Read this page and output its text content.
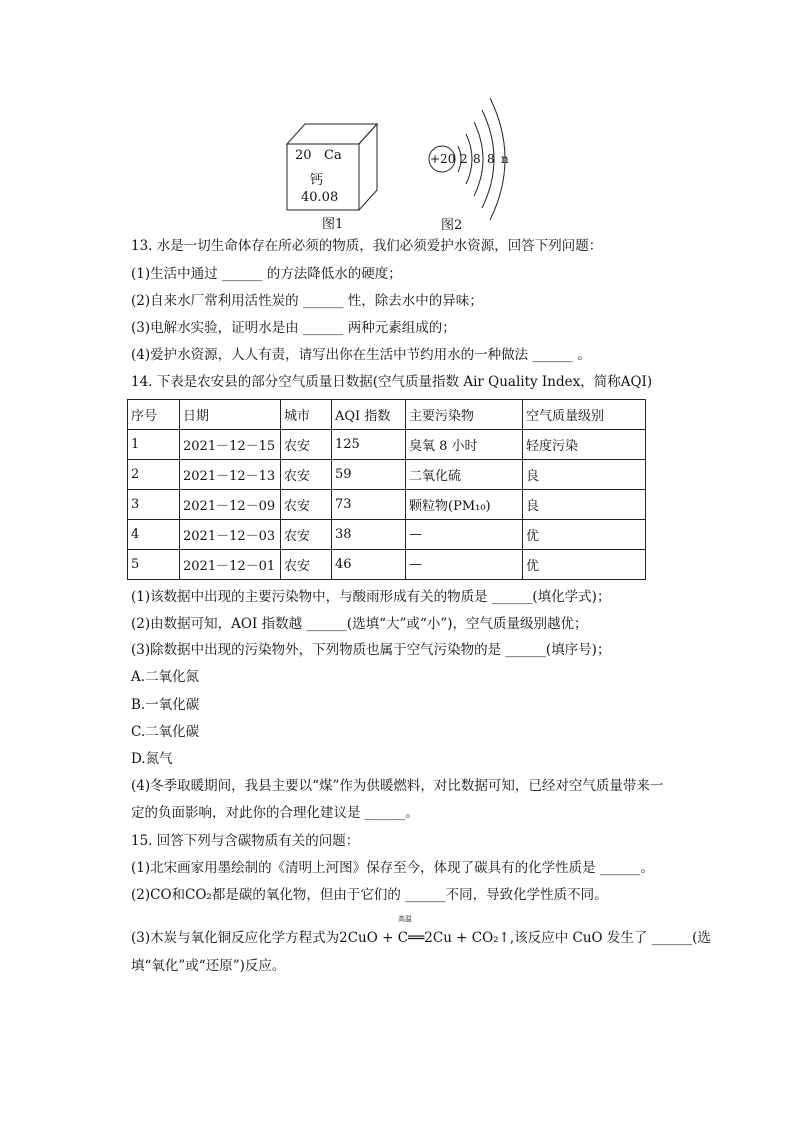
20 Ca
钙
40.08
图1
+20 2 8 8 n
图2
13. 水是一切生命体存在所必须的物质，我们必须爱护水资源，回答下列问题：
(1)生活中通过 ______ 的方法降低水的硬度；
(2)自来水厂常利用活性炭的 ______ 性，除去水中的异味；
(3)电解水实验，证明水是由 ______ 两种元素组成的；
(4)爱护水资源，人人有责，请写出你在生活中节约用水的一种做法 ______ 。
14. 下表是农安县的部分空气质量日数据(空气质量指数 Air Quality Index，简称AQI)
序号	日期	城市	AQI 指数	主要污染物	空气质量级别
1	2021－12－15	农安	125	臭氧 8 小时	轻度污染
2	2021－12－13	农安	59	二氧化硫	良
3	2021－12－09	农安	73	颗粒物(PM₁₀)	良
4	2021－12－03	农安	38	—	优
5	2021－12－01	农安	46	—	优
(1)该数据中出现的主要污染物中，与酸雨形成有关的物质是 ______(填化学式)；
(2)由数据可知，AOI 指数越 ______(选填“大”或“小”)，空气质量级别越优；
(3)除数据中出现的污染物外，下列物质也属于空气污染物的是 ______(填序号)；
A.二氧化氮
B.一氧化碳
C.二氧化碳
D.氮气
(4)冬季取暖期间，我县主要以“煤”作为供暖燃料，对比数据可知，已经对空气质量带来一
定的负面影响，对此你的合理化建议是 ______。
15. 回答下列与含碳物质有关的问题：
(1)北宋画家用墨绘制的《清明上河图》保存至今，体现了碳具有的化学性质是 ______。
(2)CO和CO₂都是碳的氧化物，但由于它们的 ______不同，导致化学性质不同。
高温
(3)木炭与氧化铜反应化学方程式为2CuO + C══2Cu + CO₂↑,该反应中 CuO 发生了 ______(选
填“氧化”或“还原”)反应。
